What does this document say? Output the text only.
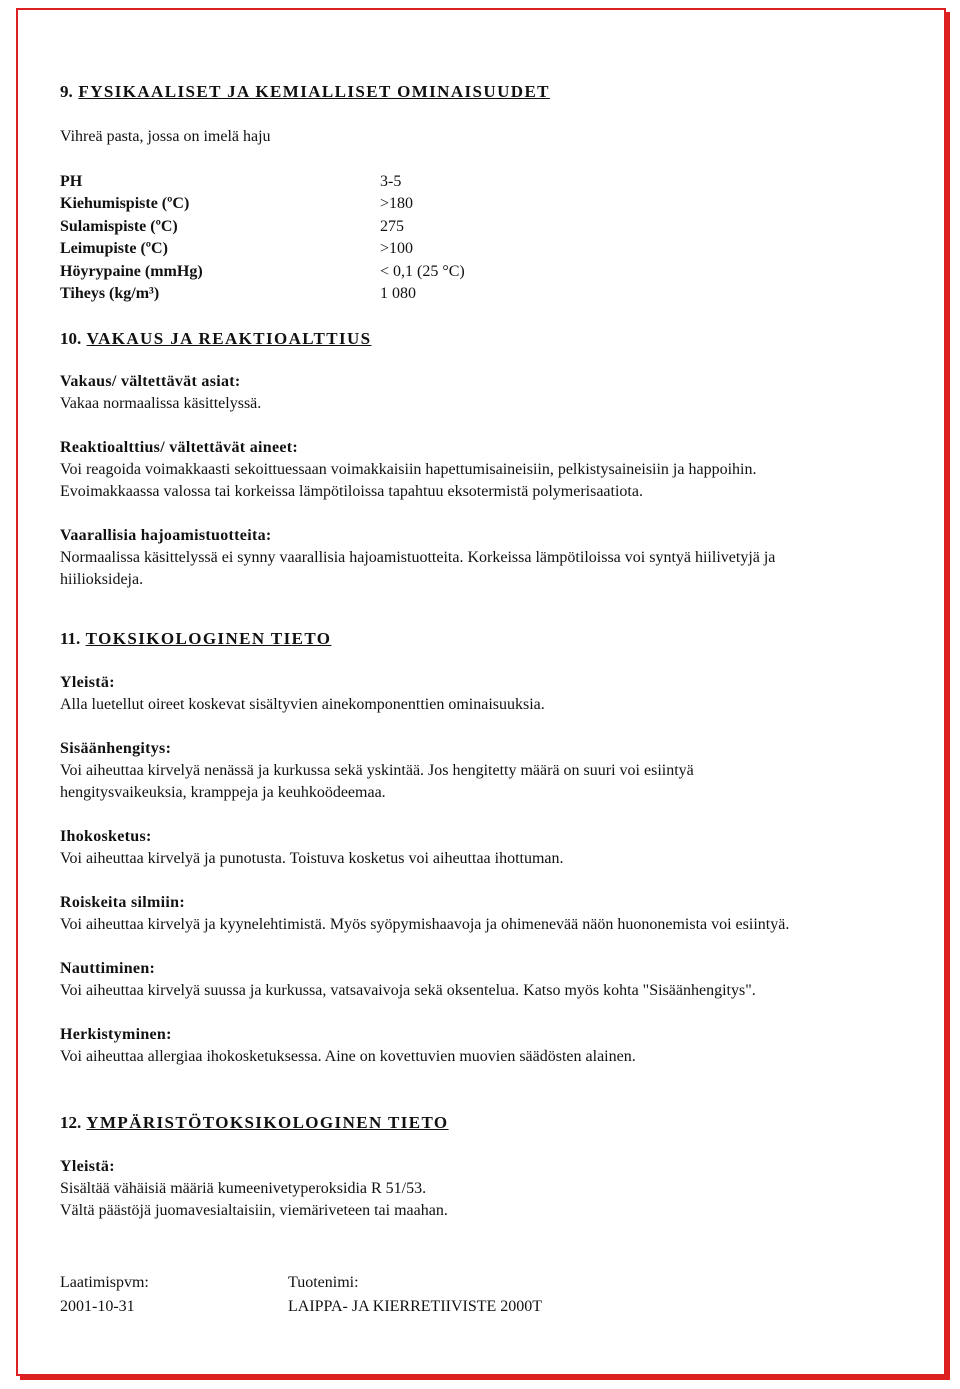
9. FYSIKAALISET JA KEMIALLISET OMINAISUUDET

Vihreä pasta, jossa on imelä haju

PH	3-5
Kiehumispiste (ºC)	>180
Sulamispiste (ºC)	275
Leimupiste (ºC)	>100
Höyrypaine (mmHg)	< 0,1 (25 °C)
Tiheys (kg/m³)	1 080

10. VAKAUS JA REAKTIOALTTIUS

Vakaus/ vältettävät asiat:

Vakaa normaalissa käsittelyssä.

Reaktioalttius/ vältettävät aineet:

Voi reagoida voimakkaasti sekoittuessaan voimakkaisiin hapettumisaineisiin, pelkistysaineisiin ja happoihin.

Evoimakkaassa valossa tai korkeissa lämpötiloissa tapahtuu eksotermistä polymerisaatiota.

Vaarallisia hajoamistuotteita:

Normaalissa käsittelyssä ei synny vaarallisia hajoamistuotteita. Korkeissa lämpötiloissa voi syntyä hiilivetyjä ja

hiilioksideja.

11. TOKSIKOLOGINEN TIETO

Yleistä:

Alla luetellut oireet koskevat sisältyvien ainekomponenttien ominaisuuksia.

Sisäänhengitys:

Voi aiheuttaa kirvelyä nenässä ja kurkussa sekä yskintää. Jos hengitetty määrä on suuri voi esiintyä

hengitysvaikeuksia, kramppeja ja keuhkoödeemaa.

Ihokosketus:

Voi aiheuttaa kirvelyä ja punotusta. Toistuva kosketus voi aiheuttaa ihottuman.

Roiskeita silmiin:

Voi aiheuttaa kirvelyä ja kyynelehtimistä. Myös syöpymishaavoja ja ohimenevää näön huononemista voi esiintyä.

Nauttiminen:

Voi aiheuttaa kirvelyä suussa ja kurkussa, vatsavaivoja sekä oksentelua. Katso myös kohta "Sisäänhengitys".

Herkistyminen:

Voi aiheuttaa allergiaa ihokosketuksessa. Aine on kovettuvien muovien säädösten alainen.

12. YMPÄRISTÖTOKSIKOLOGINEN TIETO

Yleistä:

Sisältää vähäisiä määriä kumeenivetyperoksidia R 51/53.

Vältä päästöjä juomavesialtaisiin, viemäriveteen tai maahan.

Laatimispvm:	Tuotenimi:
2001-10-31	LAIPPA- JA KIERRETIIVISTE 2000T
